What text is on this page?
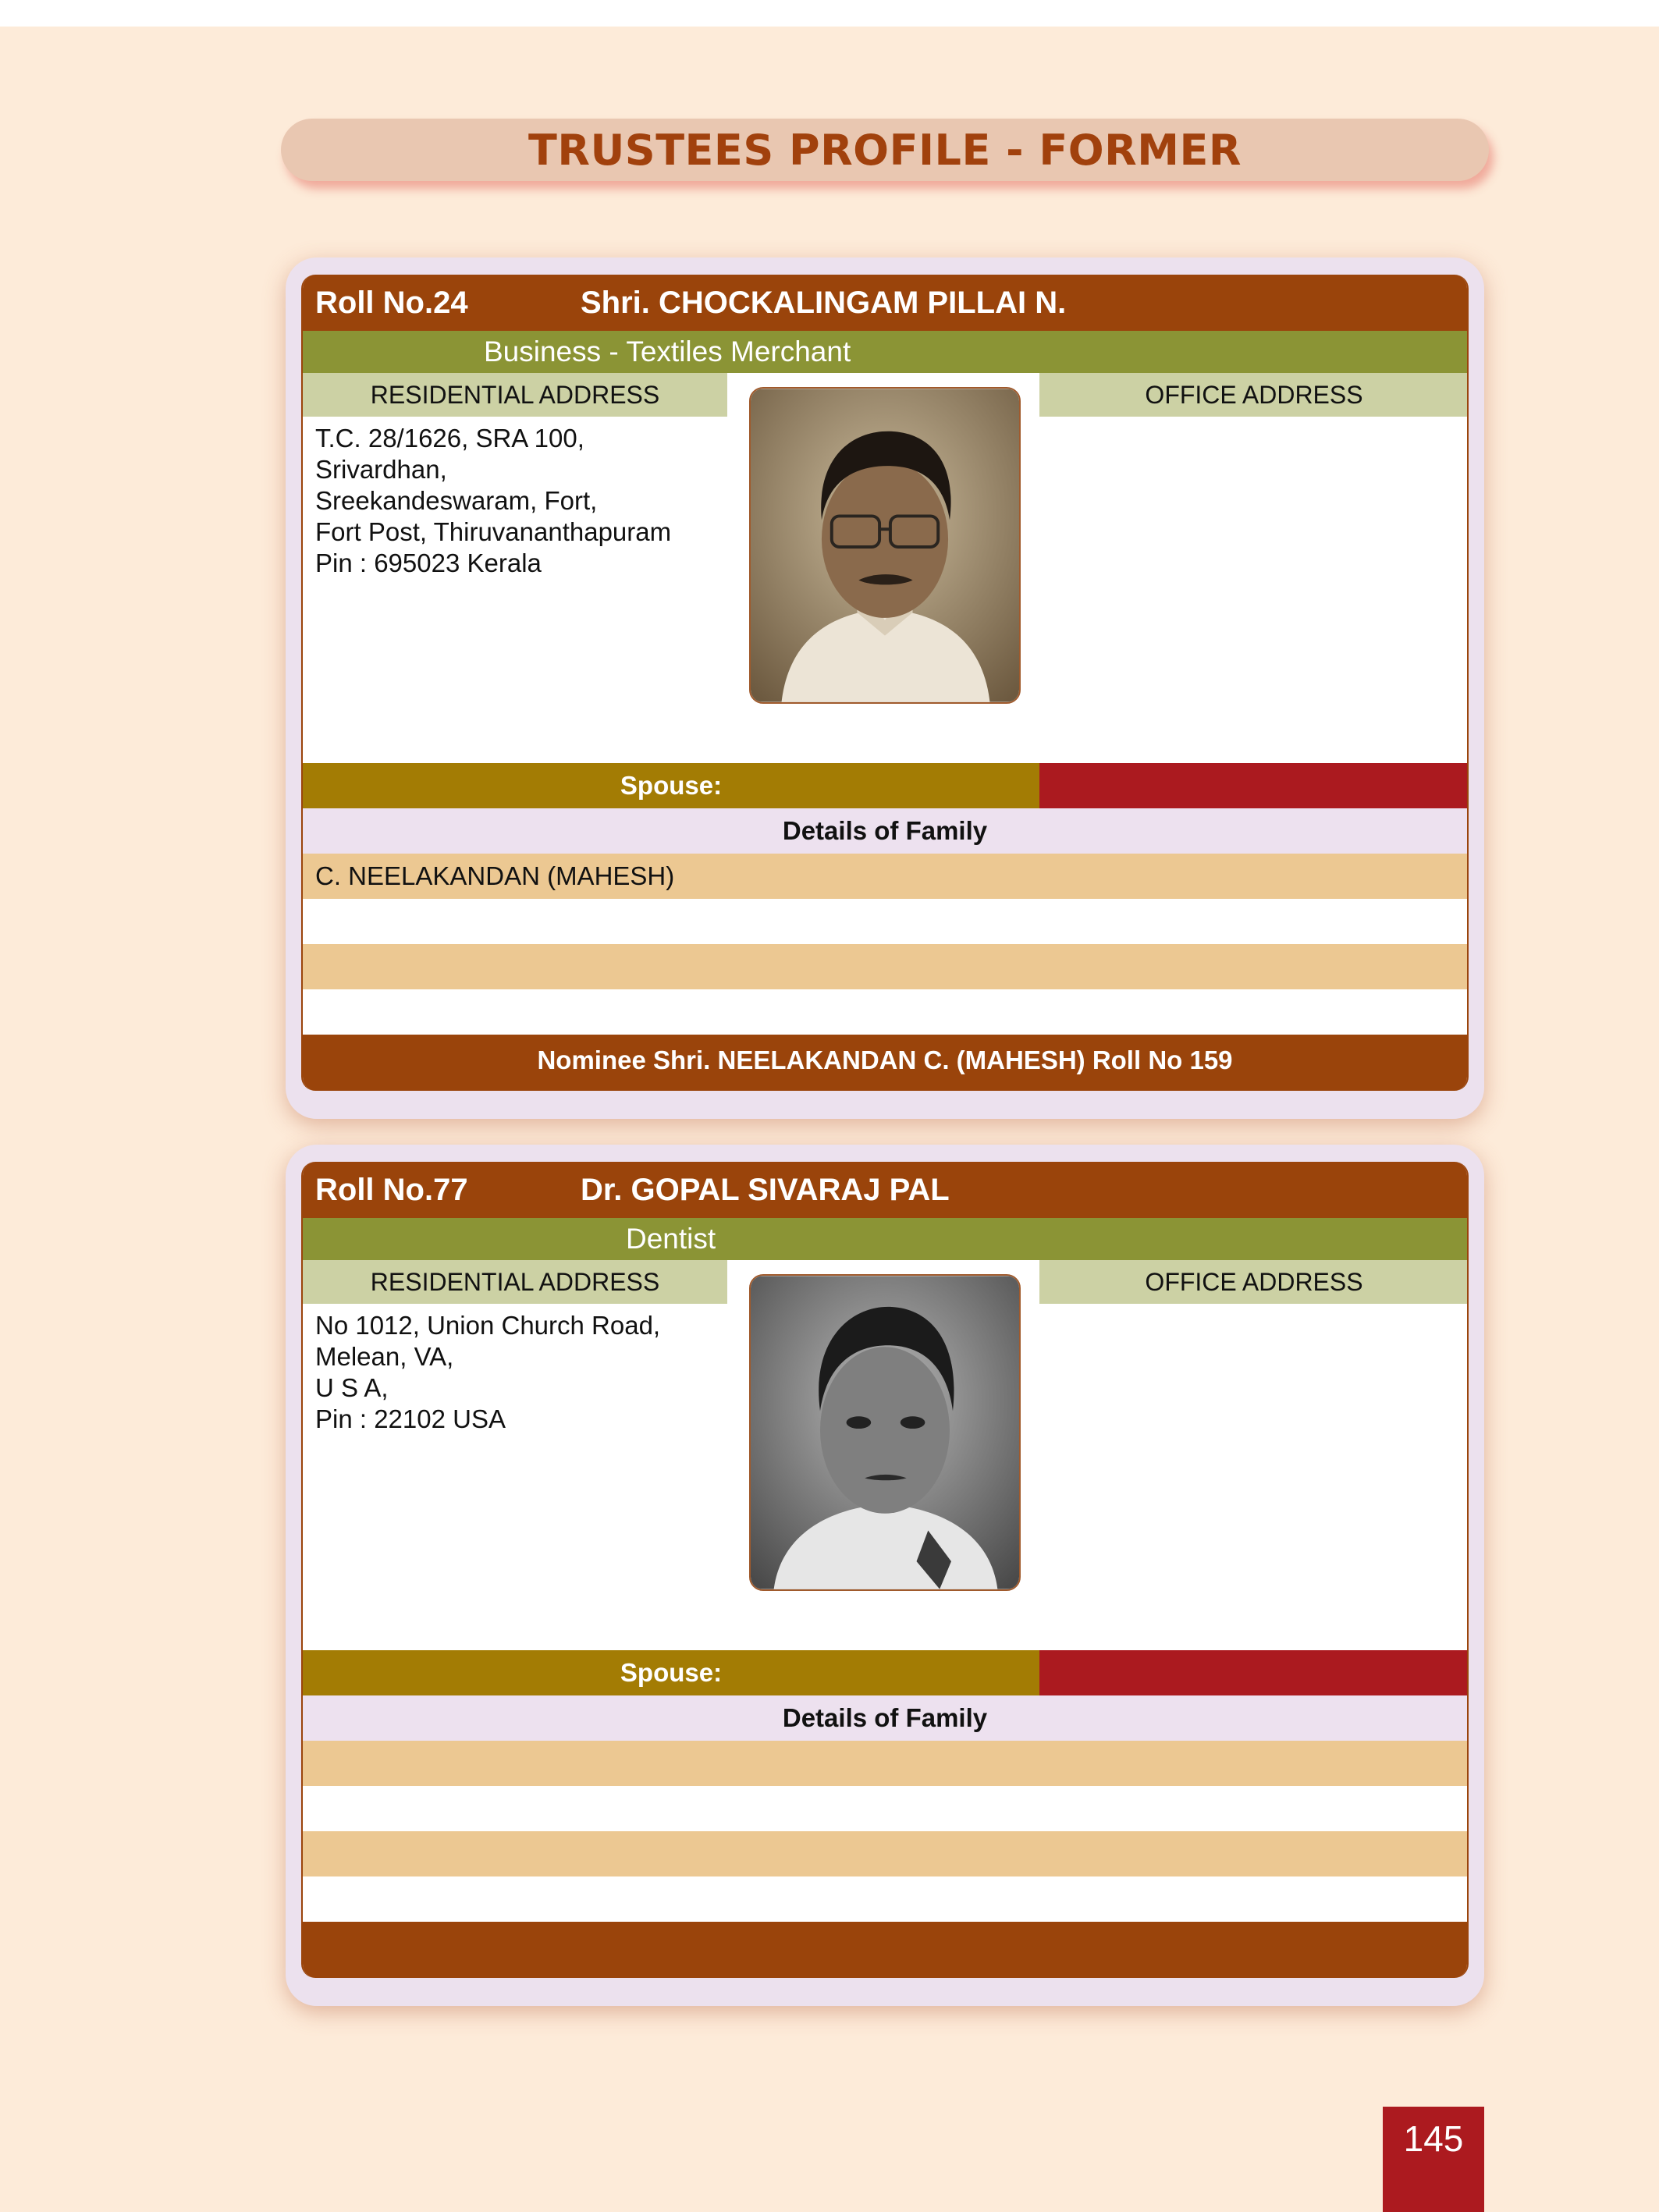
TRUSTEES PROFILE - FORMER
Roll No.24	Shri. CHOCKALINGAM PILLAI N.
Business - Textiles Merchant
RESIDENTIAL ADDRESS	OFFICE ADDRESS
T.C. 28/1626, SRA 100,
Srivardhan,
Sreekandeswaram, Fort,
Fort Post, Thiruvananthapuram
Pin : 695023 Kerala
Spouse:
Details of Family
C. NEELAKANDAN (MAHESH)
Nominee Shri. NEELAKANDAN C. (MAHESH) Roll No 159
Roll No.77	Dr. GOPAL SIVARAJ PAL
Dentist
RESIDENTIAL ADDRESS	OFFICE ADDRESS
No 1012, Union Church Road,
Melean, VA,
U S A,
Pin : 22102 USA
Spouse:
Details of Family
145
